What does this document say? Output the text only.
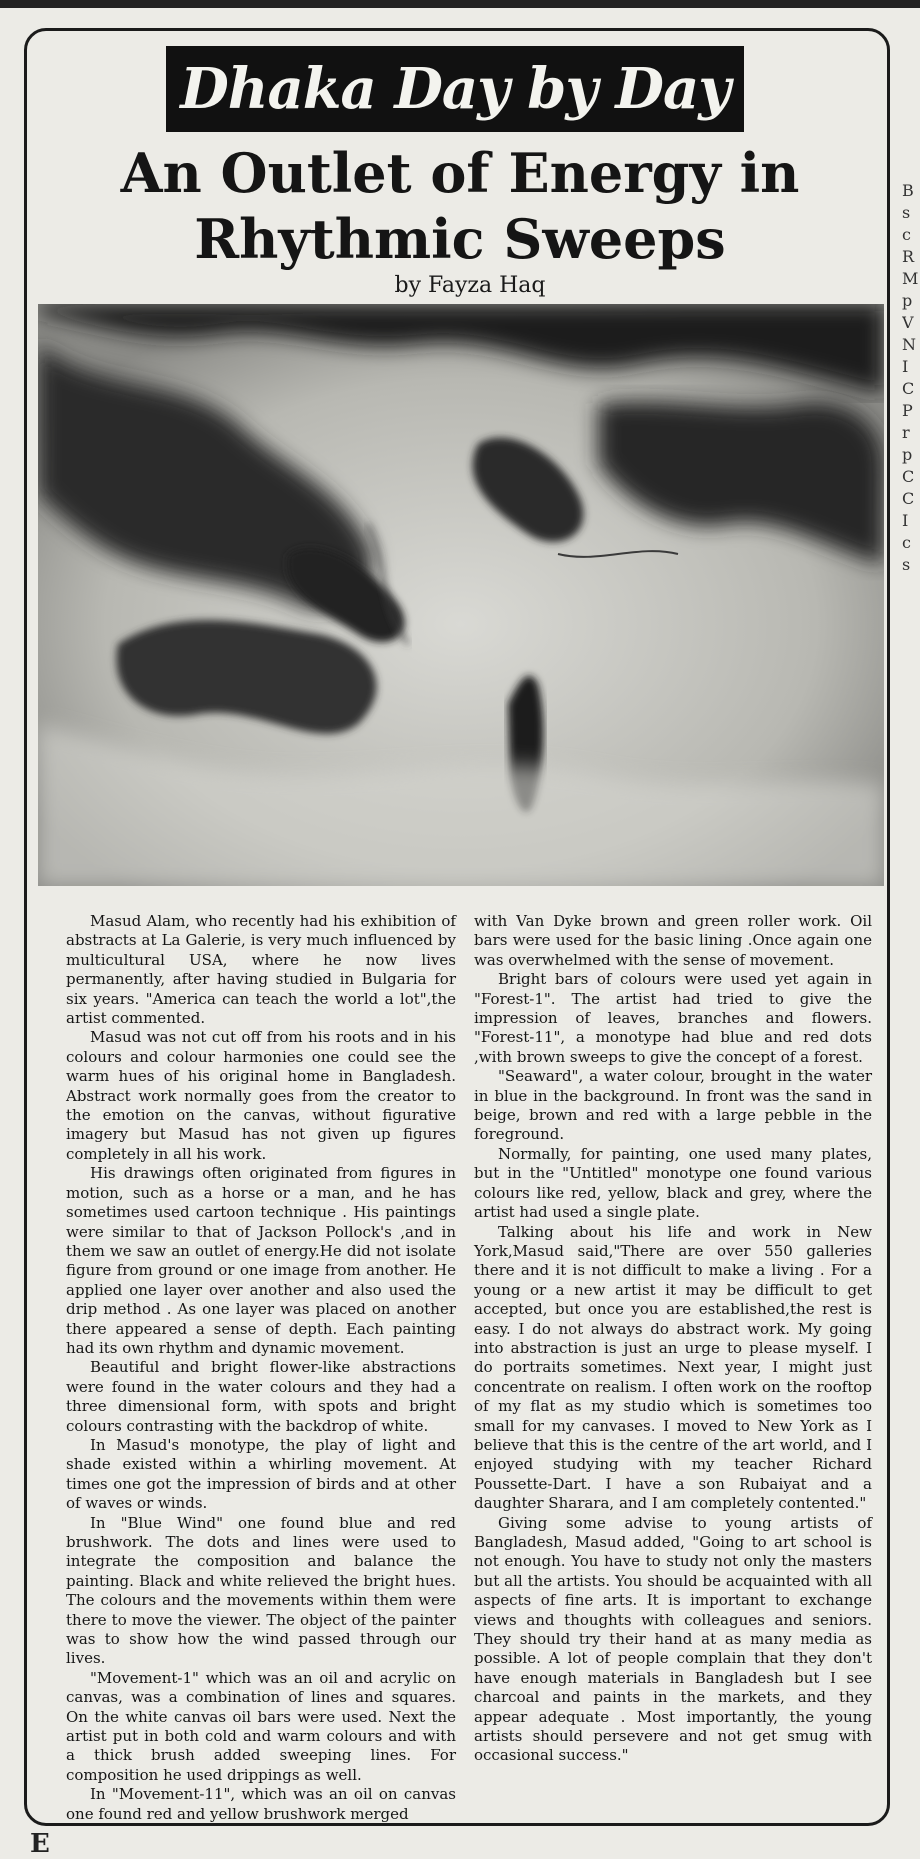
Dhaka Day by Day
An Outlet of Energy in Rhythmic Sweeps
by Fayza Haq

Masud Alam, who recently had his exhibition of abstracts at La Galerie, is very much influenced by multicultural USA, where he now lives permanently, after having studied in Bulgaria for six years. "America can teach the world a lot",the artist commented.

Masud was not cut off from his roots and in his colours and colour harmonies one could see the warm hues of his original home in Bangladesh. Abstract work normally goes from the creator to the emotion on the canvas, without figurative imagery but Masud has not given up figures completely in all his work.

His drawings often originated from figures in motion, such as a horse or a man, and he has sometimes used cartoon technique . His paintings were similar to that of Jackson Pollock's ,and in them we saw an outlet of energy.He did not isolate figure from ground or one image from another. He applied one layer over another and also used the drip method . As one layer was placed on another there appeared a sense of depth. Each painting had its own rhythm and dynamic movement.

Beautiful and bright flower-like abstractions were found in the water colours and they had a three dimensional form, with spots and bright colours contrasting with the backdrop of white.

In Masud's monotype, the play of light and shade existed within a whirling movement. At times one got the impression of birds and at other of waves or winds.

In "Blue Wind" one found blue and red brushwork. The dots and lines were used to integrate the composition and balance the painting. Black and white relieved the bright hues. The colours and the movements within them were there to move the viewer. The object of the painter was to show how the wind passed through our lives.

"Movement-1" which was an oil and acrylic on canvas, was a combination of lines and squares. On the white canvas oil bars were used. Next the artist put in both cold and warm colours and with a thick brush added sweeping lines. For composition he used drippings as well.

In "Movement-11", which was an oil on canvas one found red and yellow brushwork merged

with Van Dyke brown and green roller work. Oil bars were used for the basic lining .Once again one was overwhelmed with the sense of movement.

Bright bars of colours were used yet again in "Forest-1". The artist had tried to give the impression of leaves, branches and flowers. "Forest-11", a monotype had blue and red dots ,with brown sweeps to give the concept of a forest.

"Seaward", a water colour, brought in the water in blue in the background. In front was the sand in beige, brown and red with a large pebble in the foreground.

Normally, for painting, one used many plates, but in the "Untitled" monotype one found various colours like red, yellow, black and grey, where the artist had used a single plate.

Talking about his life and work in New York,Masud said,"There are over 550 galleries there and it is not difficult to make a living . For a young or a new artist it may be difficult to get accepted, but once you are established,the rest is easy. I do not always do abstract work. My going into abstraction is just an urge to please myself. I do portraits sometimes. Next year, I might just concentrate on realism. I often work on the rooftop of my flat as my studio which is sometimes too small for my canvases. I moved to New York as I believe that this is the centre of the art world, and I enjoyed studying with my teacher Richard Poussette-Dart. I have a son Rubaiyat and a daughter Sharara, and I am completely contented."

Giving some advise to young artists of Bangladesh, Masud added, "Going to art school is not enough. You have to study not only the masters but all the artists. You should be acquainted with all aspects of fine arts. It is important to exchange views and thoughts with colleagues and seniors. They should try their hand at as many media as possible. A lot of people complain that they don't have enough materials in Bangladesh but I see charcoal and paints in the markets, and they appear adequate . Most importantly, the young artists should persevere and not get smug with occasional success."

B
s
c
R
M
p
V
N
I
C
P
r
p
C
C
I
c
s
E
